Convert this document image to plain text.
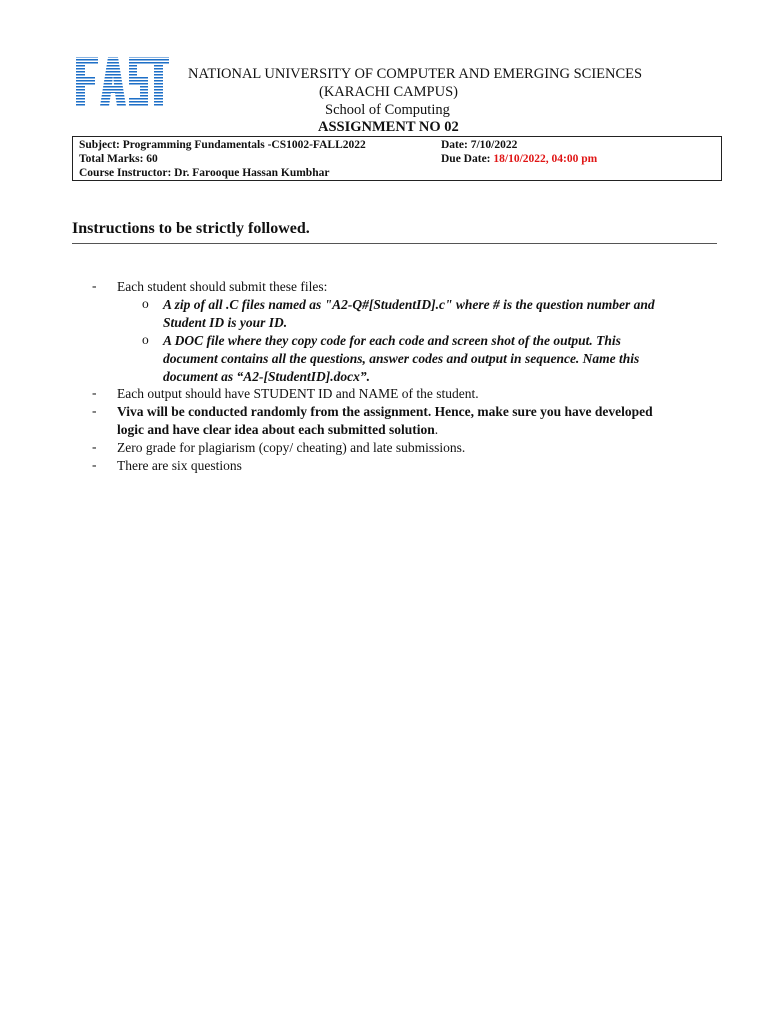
NATIONAL UNIVERSITY OF COMPUTER AND EMERGING SCIENCES
(KARACHI CAMPUS)
School of Computing
ASSIGNMENT NO 02
Subject: Programming Fundamentals -CS1002-FALL2022
Total Marks: 60
Course Instructor: Dr. Farooque Hassan Kumbhar
Date: 7/10/2022
Due Date: 18/10/2022, 04:00 pm
Instructions to be strictly followed.
- Each student should submit these files:
o A zip of all .C files named as "A2-Q#[StudentID].c" where # is the question number and
Student ID is your ID.
o A DOC file where they copy code for each code and screen shot of the output. This
document contains all the questions, answer codes and output in sequence. Name this
document as “A2-[StudentID].docx”.
- Each output should have STUDENT ID and NAME of the student.
- Viva will be conducted randomly from the assignment. Hence, make sure you have developed
logic and have clear idea about each submitted solution.
- Zero grade for plagiarism (copy/ cheating) and late submissions.
- There are six questions
